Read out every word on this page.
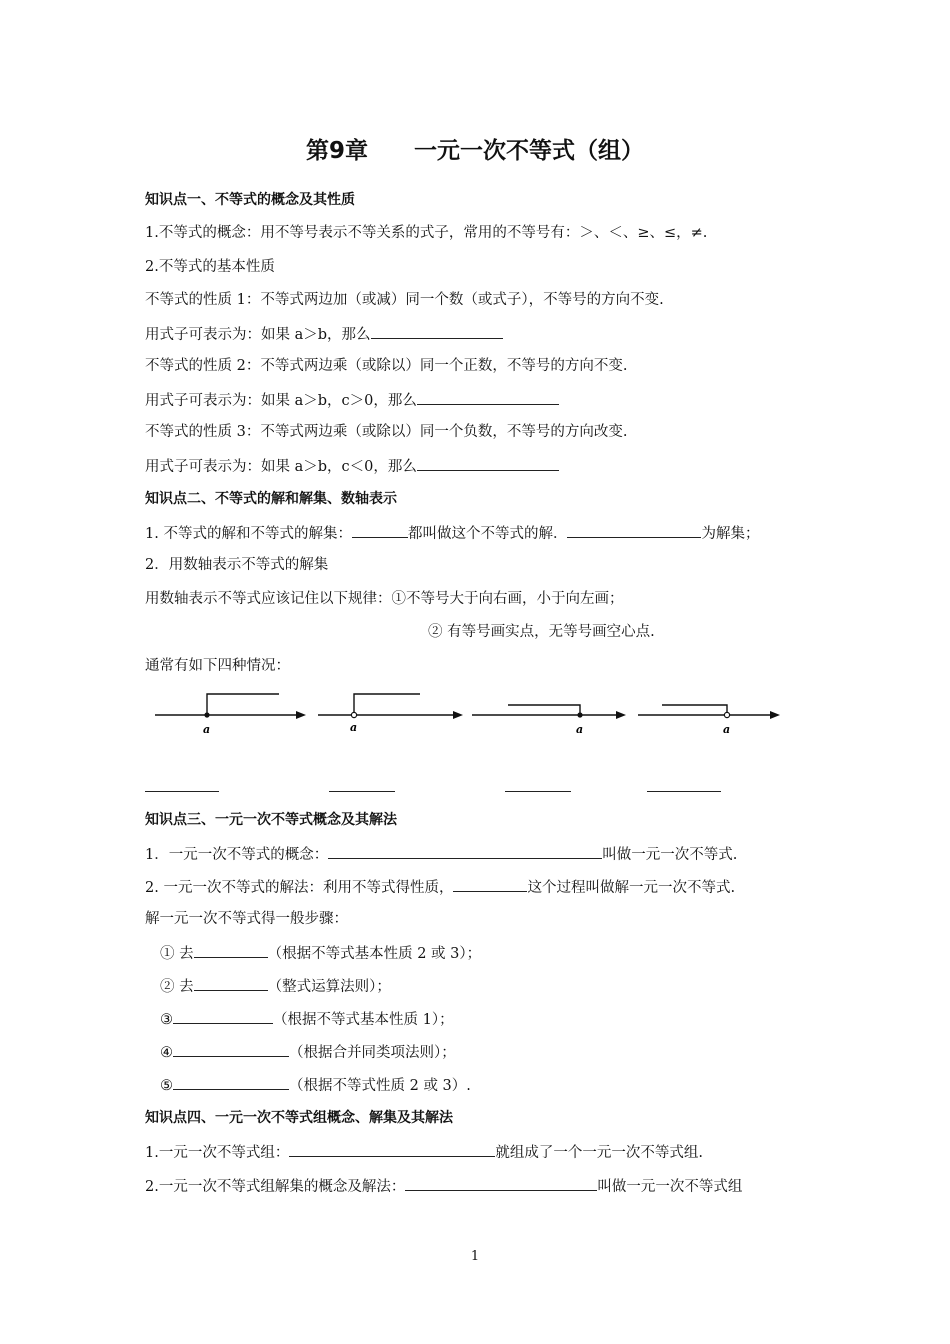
第9章　　一元一次不等式（组）
知识点一、不等式的概念及其性质
1.不等式的概念：用不等号表示不等关系的式子，常用的不等号有：＞、＜、≥、≤，≠.
2.不等式的基本性质
不等式的性质 1：不等式两边加（或减）同一个数（或式子），不等号的方向不变.
用式子可表示为：如果 a＞b，那么
不等式的性质 2：不等式两边乘（或除以）同一个正数，不等号的方向不变.
用式子可表示为：如果 a＞b，c＞0，那么
不等式的性质 3：不等式两边乘（或除以）同一个负数，不等号的方向改变.
用式子可表示为：如果 a＞b，c＜0，那么
知识点二、不等式的解和解集、数轴表示
1. 不等式的解和不等式的解集：	都叫做这个不等式的解．	为解集；
2．用数轴表示不等式的解集
用数轴表示不等式应该记住以下规律：①不等号大于向右画，小于向左画；
② 有等号画实点，无等号画空心点.
通常有如下四种情况：
a	a	a	a
知识点三、一元一次不等式概念及其解法
1．一元一次不等式的概念：	叫做一元一次不等式.
2. 一元一次不等式的解法：利用不等式得性质，	这个过程叫做解一元一次不等式.
解一元一次不等式得一般步骤：
① 去	（根据不等式基本性质 2 或 3）；
② 去	（整式运算法则）；
③	（根据不等式基本性质 1）；
④	（根据合并同类项法则）；
⑤	（根据不等式性质 2 或 3）.
知识点四、一元一次不等式组概念、解集及其解法
1.一元一次不等式组：	就组成了一个一元一次不等式组.
2.一元一次不等式组解集的概念及解法：	叫做一元一次不等式组
1
